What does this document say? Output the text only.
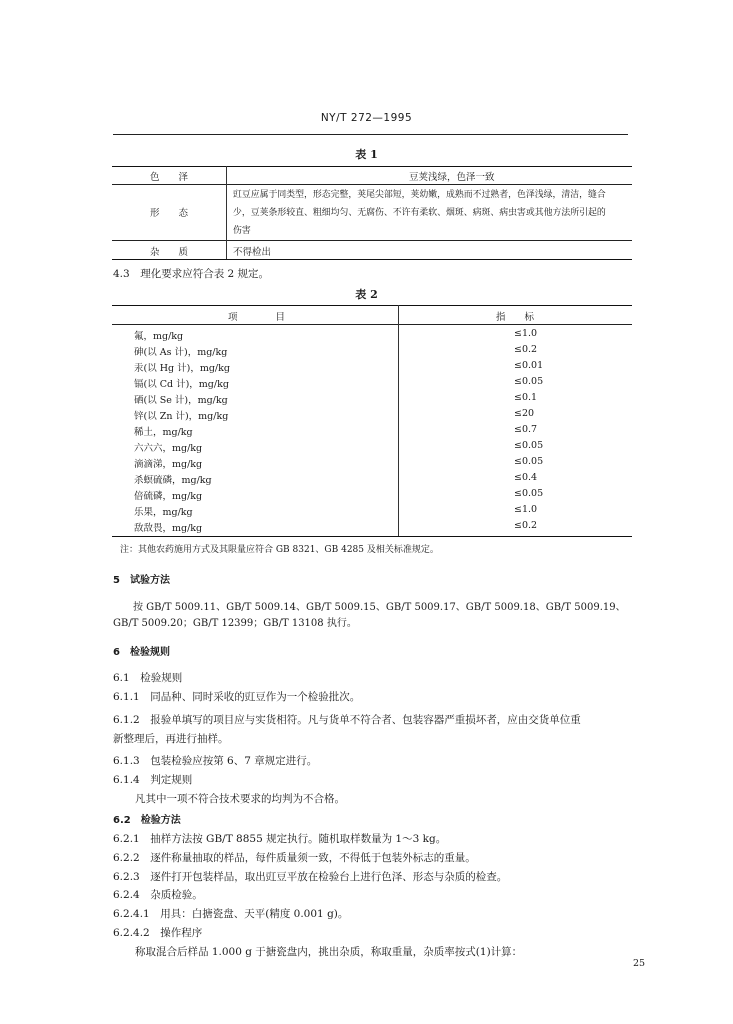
NY/T 272—1995
表 1
色　　泽	豆荚浅绿，色泽一致
形　　态
豇豆应属于同类型，形态完整，荚尾尖部短，荚幼嫩，成熟而不过熟者，色泽浅绿，清洁，缝合
少，豆荚条形较直、粗细均匀、无腐伤、不许有柔软、烟斑、病斑、病虫害或其他方法所引起的
伤害
杂　　质	不得检出
4.3　理化要求应符合表 2 规定。
表 2
项　　　　目	指　　标
氟，mg/kg	≤1.0
砷(以 As 计)，mg/kg	≤0.2
汞(以 Hg 计)，mg/kg	≤0.01
镉(以 Cd 计)，mg/kg	≤0.05
硒(以 Se 计)，mg/kg	≤0.1
锌(以 Zn 计)，mg/kg	≤20
稀土，mg/kg	≤0.7
六六六，mg/kg	≤0.05
滴滴涕，mg/kg	≤0.05
杀螟硫磷，mg/kg	≤0.4
倍硫磷，mg/kg	≤0.05
乐果，mg/kg	≤1.0
敌敌畏，mg/kg	≤0.2
注：其他农药施用方式及其限量应符合 GB 8321、GB 4285 及相关标准规定。
5　试验方法
按 GB/T 5009.11、GB/T 5009.14、GB/T 5009.15、GB/T 5009.17、GB/T 5009.18、GB/T 5009.19、
GB/T 5009.20；GB/T 12399；GB/T 13108 执行。
6　检验规则
6.1　检验规则
6.1.1　同品种、同时采收的豇豆作为一个检验批次。
6.1.2　报验单填写的项目应与实货相符。凡与货单不符合者、包装容器严重损坏者，应由交货单位重
新整理后，再进行抽样。
6.1.3　包装检验应按第 6、7 章规定进行。
6.1.4　判定规则
凡其中一项不符合技术要求的均判为不合格。
6.2　检验方法
6.2.1　抽样方法按 GB/T 8855 规定执行。随机取样数量为 1～3 kg。
6.2.2　逐件称量抽取的样品，每件质量须一致，不得低于包装外标志的重量。
6.2.3　逐件打开包装样品，取出豇豆平放在检验台上进行色泽、形态与杂质的检查。
6.2.4　杂质检验。
6.2.4.1　用具：白搪瓷盘、天平(精度 0.001 g)。
6.2.4.2　操作程序
称取混合后样品 1.000 g 于搪瓷盘内，挑出杂质，称取重量，杂质率按式(1)计算：
25
